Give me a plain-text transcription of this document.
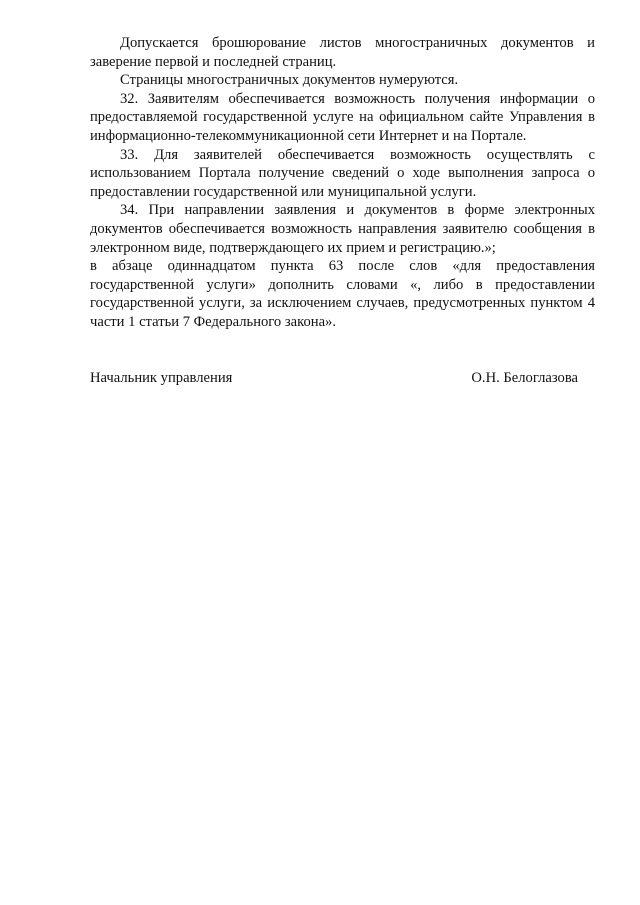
Допускается брошюрование листов многостраничных документов и заверение первой и последней страниц.

Страницы многостраничных документов нумеруются.

32. Заявителям обеспечивается возможность получения информации о предоставляемой государственной услуге на официальном сайте Управления в информационно-телекоммуникационной сети Интернет и на Портале.

33. Для заявителей обеспечивается возможность осуществлять с использованием Портала получение сведений о ходе выполнения запроса о предоставлении государственной или муниципальной услуги.

34. При направлении заявления и документов в форме электронных документов обеспечивается возможность направления заявителю сообщения в электронном виде, подтверждающего их прием и регистрацию.»;

в абзаце одиннадцатом пункта 63 после слов «для предоставления государственной услуги» дополнить словами «, либо в предоставлении государственной услуги, за исключением случаев, предусмотренных пунктом 4 части 1 статьи 7 Федерального закона».

Начальник управления	О.Н. Белоглазова
